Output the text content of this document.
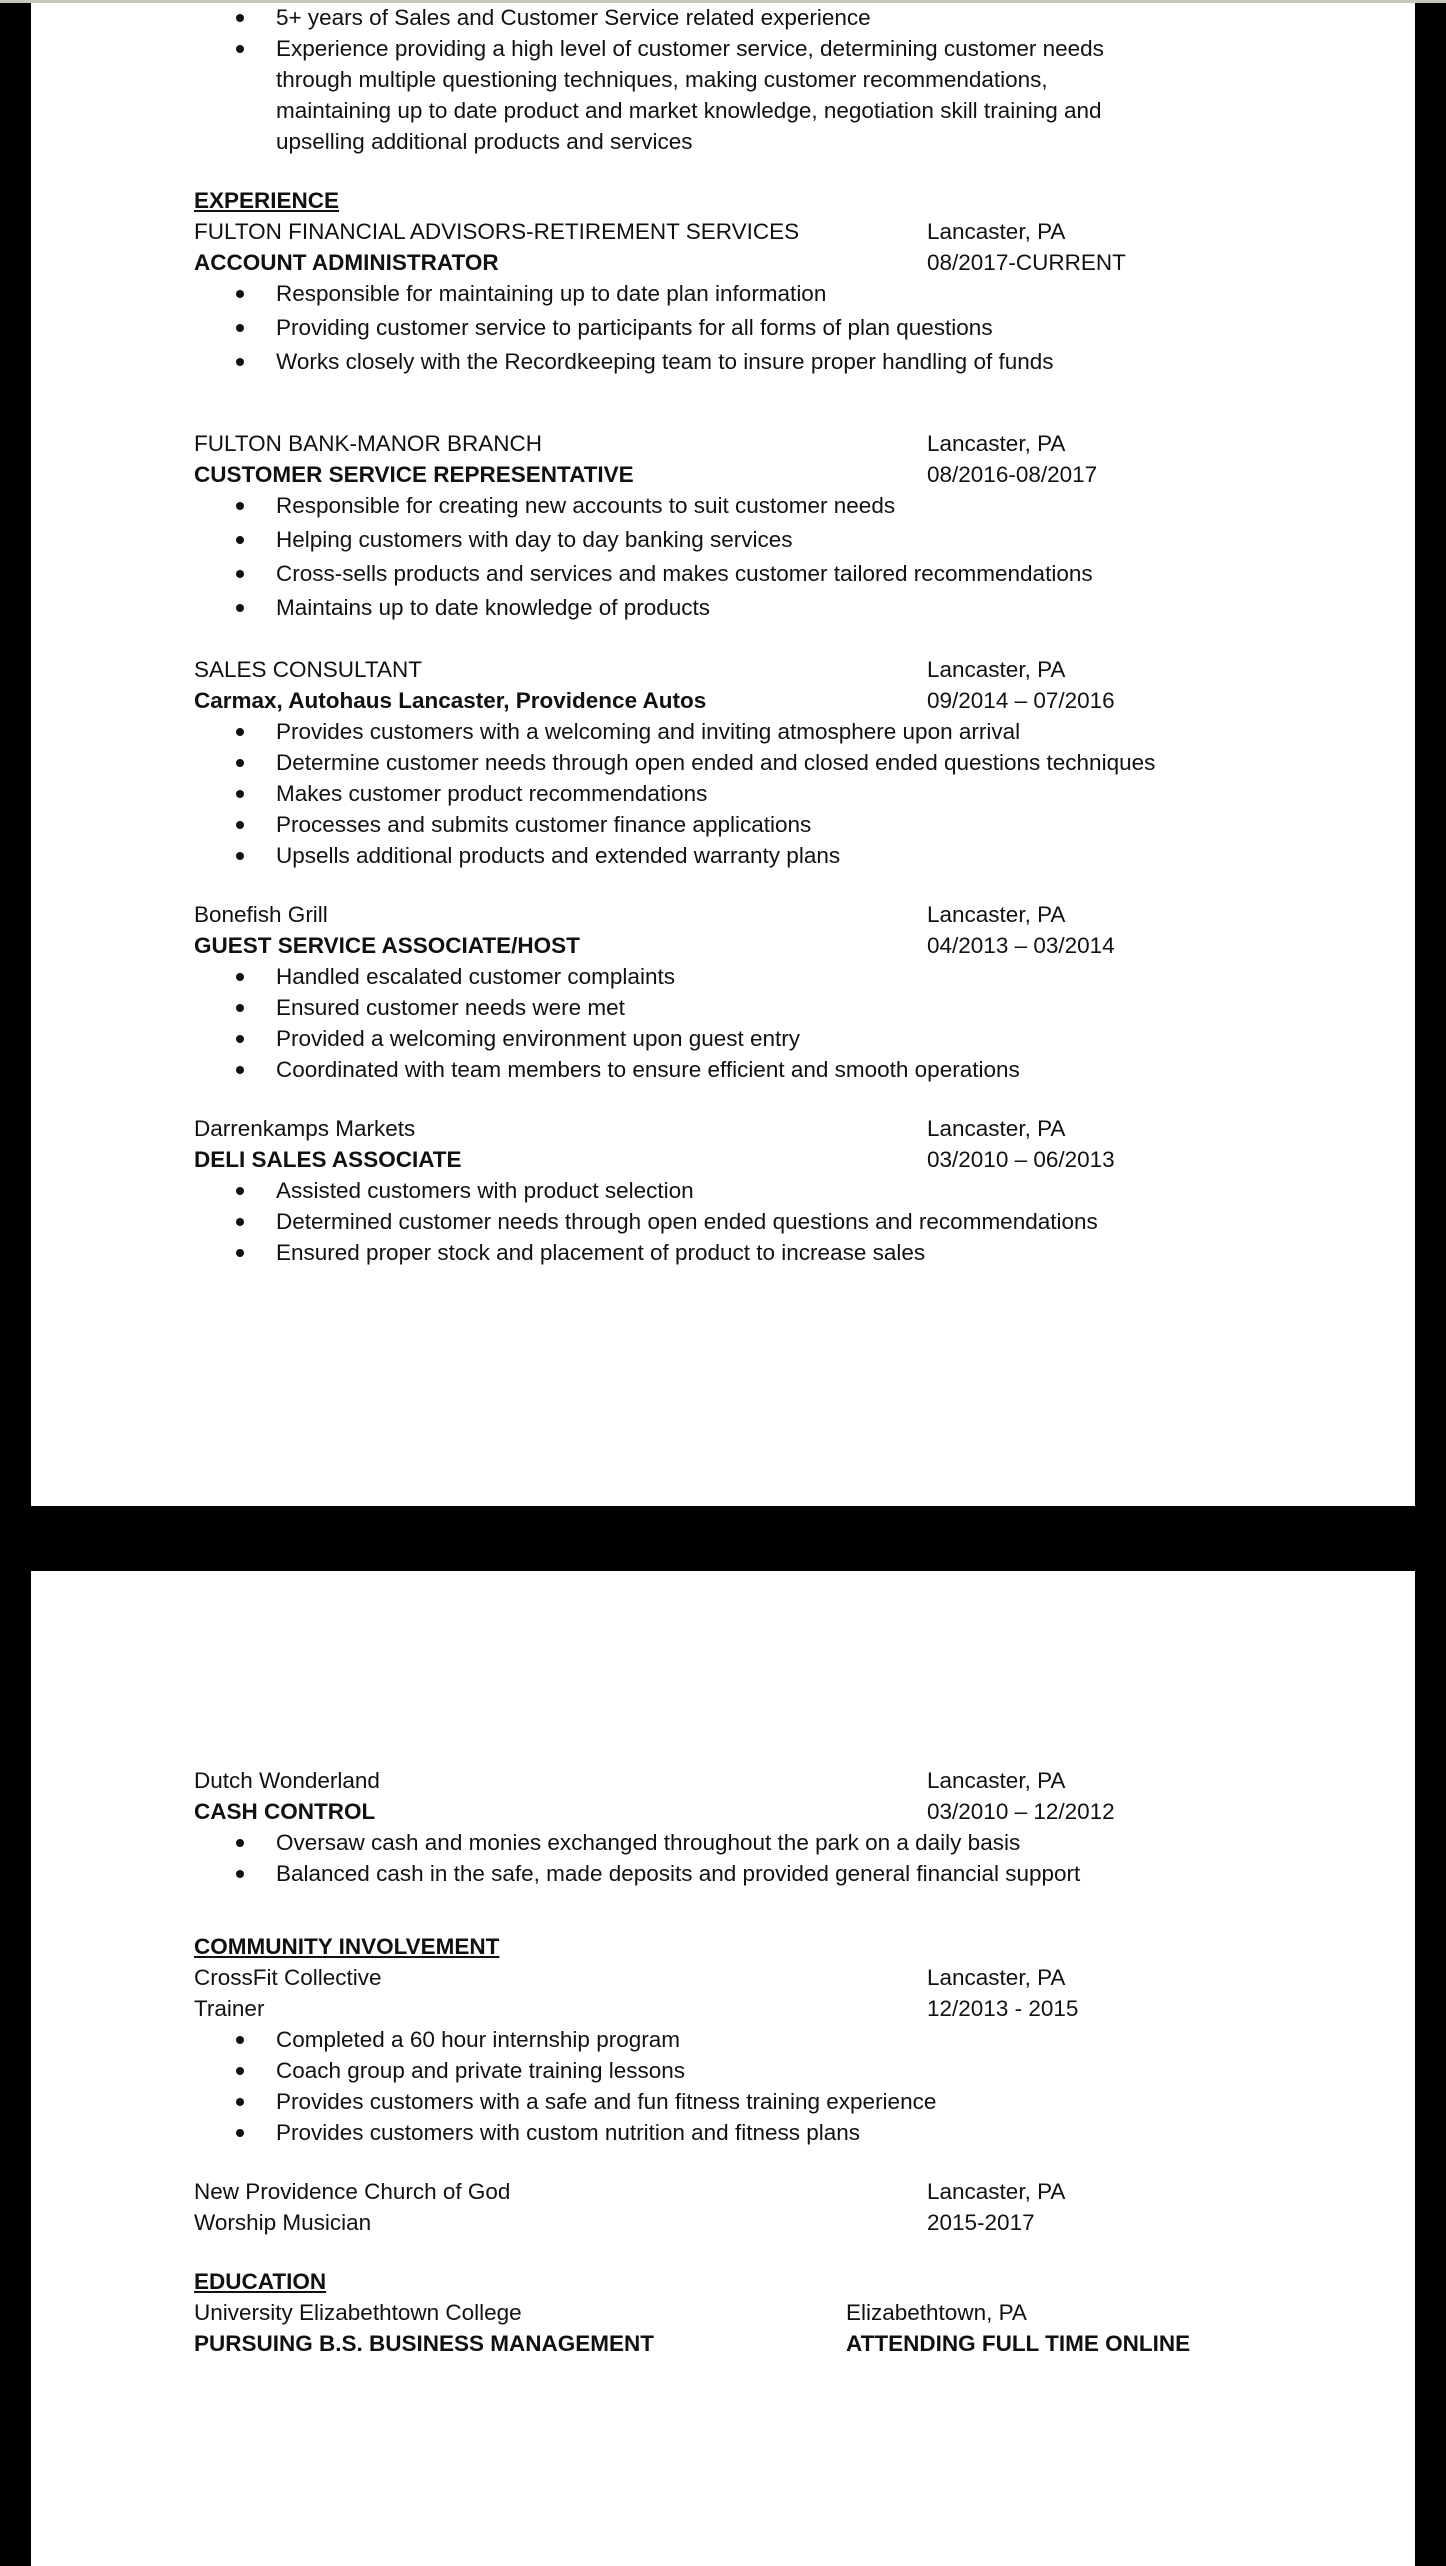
5+ years of Sales and Customer Service related experience
Experience providing a high level of customer service, determining customer needs through multiple questioning techniques, making customer recommendations, maintaining up to date product and market knowledge, negotiation skill training and upselling additional products and services
EXPERIENCE
FULTON FINANCIAL ADVISORS-RETIREMENT SERVICES	Lancaster, PA
ACCOUNT ADMINISTRATOR	08/2017-CURRENT
Responsible for maintaining up to date plan information
Providing customer service to participants for all forms of plan questions
Works closely with the Recordkeeping team to insure proper handling of funds
FULTON BANK-MANOR BRANCH	Lancaster, PA
CUSTOMER SERVICE REPRESENTATIVE	08/2016-08/2017
Responsible for creating new accounts to suit customer needs
Helping customers with day to day banking services
Cross-sells products and services and makes customer tailored recommendations
Maintains up to date knowledge of products
SALES CONSULTANT	Lancaster, PA
Carmax, Autohaus Lancaster, Providence Autos	09/2014 – 07/2016
Provides customers with a welcoming and inviting atmosphere upon arrival
Determine customer needs through open ended and closed ended questions techniques
Makes customer product recommendations
Processes and submits customer finance applications
Upsells additional products and extended warranty plans
Bonefish Grill	Lancaster, PA
GUEST SERVICE ASSOCIATE/HOST	04/2013 – 03/2014
Handled escalated customer complaints
Ensured customer needs were met
Provided a welcoming environment upon guest entry
Coordinated with team members to ensure efficient and smooth operations
Darrenkamps Markets	Lancaster, PA
DELI SALES ASSOCIATE	03/2010 – 06/2013
Assisted customers with product selection
Determined customer needs through open ended questions and recommendations
Ensured proper stock and placement of product to increase sales
Dutch Wonderland	Lancaster, PA
CASH CONTROL	03/2010 – 12/2012
Oversaw cash and monies exchanged throughout the park on a daily basis
Balanced cash in the safe, made deposits and provided general financial support
COMMUNITY INVOLVEMENT
CrossFit Collective	Lancaster, PA
Trainer	12/2013 - 2015
Completed a 60 hour internship program
Coach group and private training lessons
Provides customers with a safe and fun fitness training experience
Provides customers with custom nutrition and fitness plans
New Providence Church of God	Lancaster, PA
Worship Musician	2015-2017
EDUCATION
University Elizabethtown College	Elizabethtown, PA
PURSUING B.S. BUSINESS MANAGEMENT	ATTENDING FULL TIME ONLINE
